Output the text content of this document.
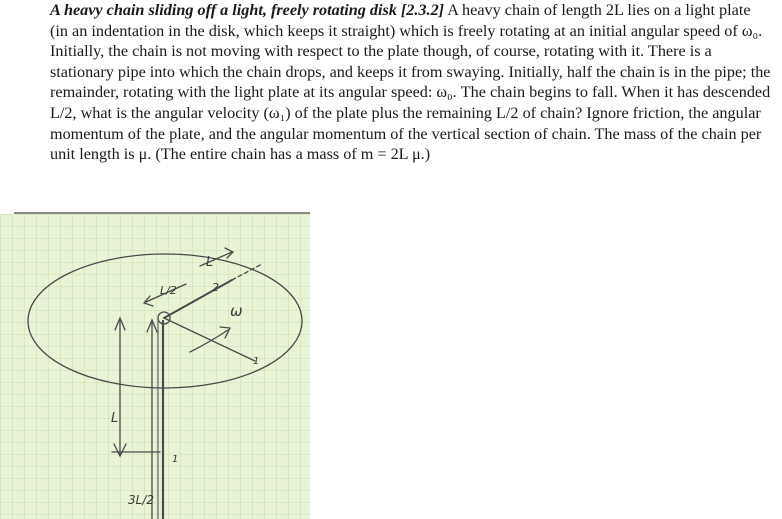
A heavy chain sliding off a light, freely rotating disk [2.3.2] A heavy chain of length 2L lies on a light plate (in an indentation in the disk, which keeps it straight) which is freely rotating at an initial angular speed of ω₀. Initially, the chain is not moving with respect to the plate though, of course, rotating with it. There is a stationary pipe into which the chain drops, and keeps it from swaying. Initially, half the chain is in the pipe; the remainder, rotating with the light plate at its angular speed: ω₀. The chain begins to fall. When it has descended L/2, what is the angular velocity (ω₁) of the plate plus the remaining L/2 of chain? Ignore friction, the angular momentum of the plate, and the angular momentum of the vertical section of chain. The mass of the chain per unit length is μ. (The entire chain has a mass of m = 2L μ.)

L
L/2	2
ω
L
3L/2
1
1
